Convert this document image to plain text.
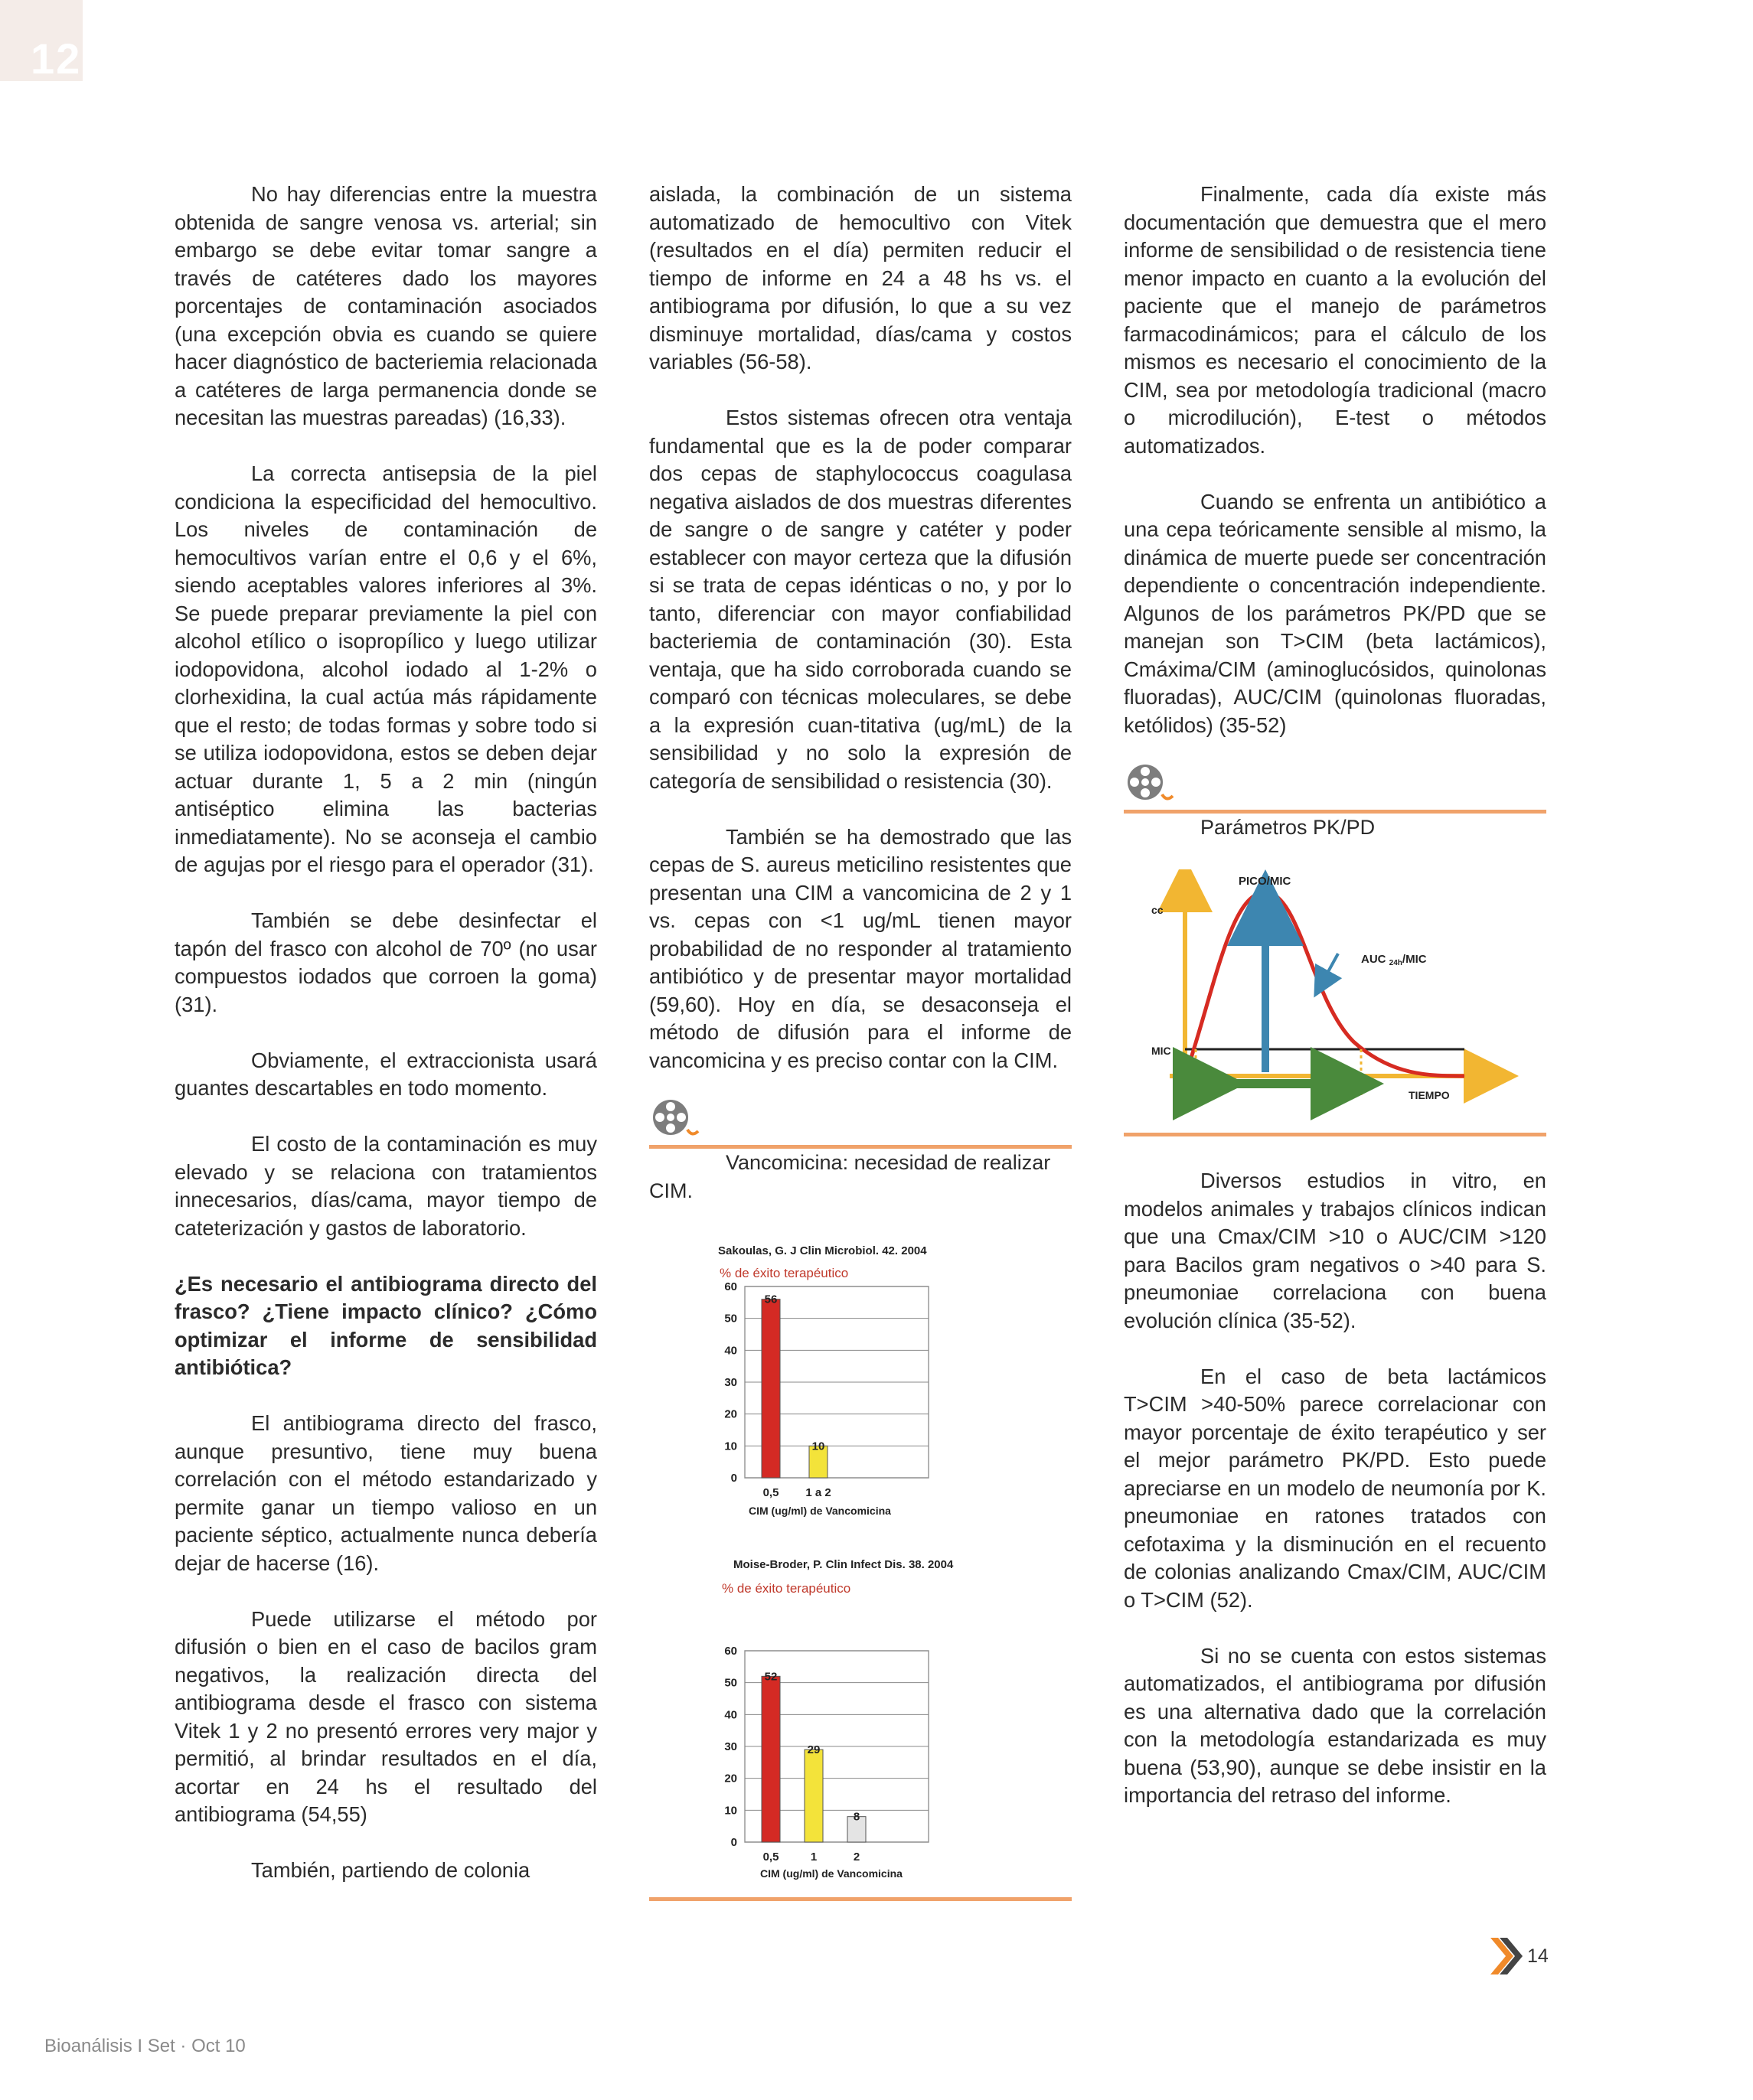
12

No hay diferencias entre la muestra obtenida de sangre venosa vs. arterial; sin embargo se debe evitar tomar sangre a través de catéteres dado los mayores porcentajes de contaminación asociados (una excepción obvia es cuando se quiere hacer diagnóstico de bacteriemia relacionada a catéteres de larga permanencia donde se necesitan las muestras pareadas) (16,33).

La correcta antisepsia de la piel condiciona la especificidad del hemocultivo. Los niveles de contaminación de hemocultivos varían entre el 0,6 y el 6%, siendo aceptables valores inferiores al 3%. Se puede preparar previamente la piel con alcohol etílico o isopropílico y luego utilizar iodopovidona, alcohol iodado al 1-2% o clorhexidina, la cual actúa más rápidamente que el resto; de todas formas y sobre todo si se utiliza iodopovidona, estos se deben dejar actuar durante 1, 5 a 2 min (ningún antiséptico elimina las bacterias inmediatamente). No se aconseja el cambio de agujas por el riesgo para el operador (31).

También se debe desinfectar el tapón del frasco con alcohol de 70º (no usar compuestos iodados que corroen la goma) (31).

Obviamente, el extraccionista usará guantes descartables en todo momento.

El costo de la contaminación es muy elevado y se relaciona con tratamientos innecesarios, días/cama, mayor tiempo de cateterización y gastos de laboratorio.

¿Es necesario el antibiograma directo del frasco? ¿Tiene impacto clínico? ¿Cómo optimizar el informe de sensibilidad antibiótica?

El antibiograma directo del frasco, aunque presuntivo, tiene muy buena correlación con el método estandarizado y permite ganar un tiempo valioso en un paciente séptico, actualmente nunca debería dejar de hacerse (16).

Puede utilizarse el método por difusión o bien en el caso de bacilos gram negativos, la realización directa del antibiograma desde el frasco con sistema Vitek 1 y 2 no presentó errores very major y permitió, al brindar resultados en el día, acortar en 24 hs el resultado del antibiograma (54,55)

También, partiendo de colonia

aislada, la combinación de un sistema automatizado de hemocultivo con Vitek (resultados en el día) permiten reducir el tiempo de informe en 24 a 48 hs vs. el antibiograma por difusión, lo que a su vez disminuye mortalidad, días/cama y costos variables (56-58).

Estos sistemas ofrecen otra ventaja fundamental que es la de poder comparar dos cepas de staphylococcus coagulasa negativa aislados de dos muestras diferentes de sangre o de sangre y catéter y poder establecer con mayor certeza que la difusión si se trata de cepas idénticas o no, y por lo tanto, diferenciar con mayor confiabilidad bacteriemia de contaminación (30). Esta ventaja, que ha sido corroborada cuando se comparó con técnicas moleculares, se debe a la expresión cuan-titativa (ug/mL) de la sensibilidad y no solo la expresión de categoría de sensibilidad o resistencia (30).

También se ha demostrado que las cepas de S. aureus meticilino resistentes que presentan una CIM a vancomicina de 2 y 1 vs. cepas con <1 ug/mL tienen mayor probabilidad de no responder al tratamiento antibiótico y de presentar mayor mortalidad (59,60). Hoy en día, se desaconseja el método de difusión para el informe de vancomicina y es preciso contar con la CIM.

Vancomicina: necesidad de realizar CIM.

Sakoulas, G. J Clin Microbiol. 42. 2004
% de éxito terapéutico
0
10
20
30
40
50
60
56
0,5
10
1 a 2
CIM (ug/ml) de Vancomicina
Moise-Broder, P. Clin Infect Dis. 38. 2004
% de éxito terapéutico
0
10
20
30
40
50
60
52
0,5
29
1
8
2
CIM (ug/ml) de Vancomicina

Finalmente, cada día existe más documentación que demuestra que el mero informe de sensibilidad o de resistencia tiene menor impacto en cuanto a la evolución del paciente que el manejo de parámetros farmacodinámicos; para el cálculo de los mismos es necesario el conocimiento de la CIM, sea por metodología tradicional (macro o microdilución), E-test o métodos automatizados.

Cuando se enfrenta un antibiótico a una cepa teóricamente sensible al mismo, la dinámica de muerte puede ser concentración dependiente o concentración independiente. Algunos de los parámetros PK/PD que se manejan son T>CIM (beta lactámicos), Cmáxima/CIM (aminoglucósidos, quinolonas fluoradas), AUC/CIM (quinolonas fluoradas, ketólidos) (35-52)

Parámetros PK/PD

cc
MIC
PICO/MIC
AUC $_{24h}$/MIC
TIEMPO

Diversos estudios in vitro, en modelos animales y trabajos clínicos indican que una Cmax/CIM >10 o AUC/CIM >120 para Bacilos gram negativos o >40 para S. pneumoniae correlaciona con buena evolución clínica (35-52).

En el caso de beta lactámicos T>CIM >40-50% parece correlacionar con mayor porcentaje de éxito terapéutico y ser el mejor parámetro PK/PD. Esto puede apreciarse en un modelo de neumonía por K. pneumoniae en ratones tratados con cefotaxima y la disminución en el recuento de colonias analizando Cmax/CIM, AUC/CIM o T>CIM (52).

Si no se cuenta con estos sistemas automatizados, el antibiograma por difusión es una alternativa dado que la correlación con la metodología estandarizada es muy buena (53,90), aunque se debe insistir en la importancia del retraso del informe.

Bioanálisis I Set · Oct 10
14
